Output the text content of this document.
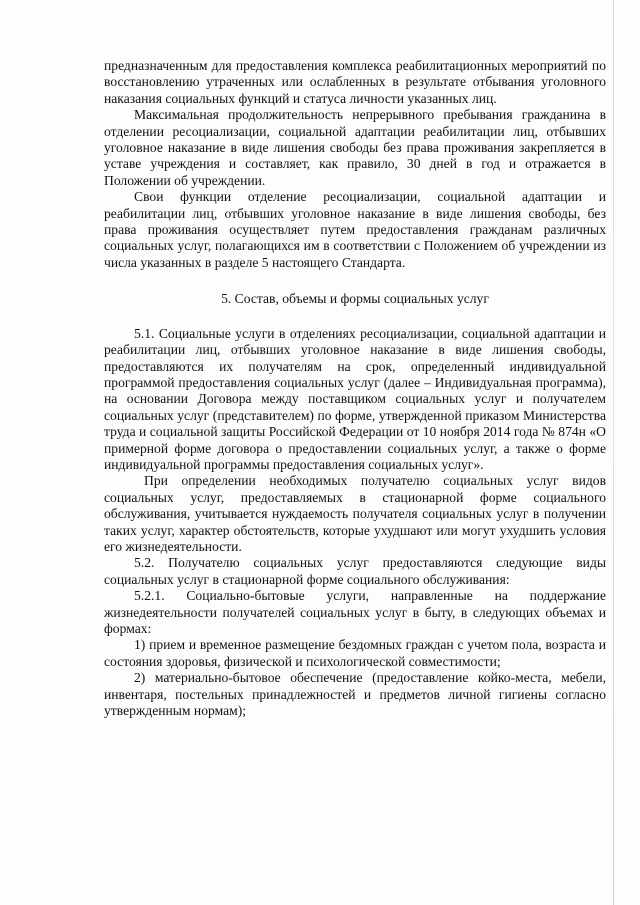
предназначенным для предоставления комплекса реабилитационных мероприятий по восстановлению утраченных или ослабленных в результате отбывания уголовного наказания социальных функций и статуса личности указанных лиц.

Максимальная продолжительность непрерывного пребывания гражданина в отделении ресоциализации, социальной адаптации реабилитации лиц, отбывших уголовное наказание в виде лишения свободы без права проживания закрепляется в уставе учреждения и составляет, как правило, 30 дней в год и отражается в Положении об учреждении.

Свои функции отделение ресоциализации, социальной адаптации и реабилитации лиц, отбывших уголовное наказание в виде лишения свободы, без права проживания осуществляет путем предоставления гражданам различных социальных услуг, полагающихся им в соответствии с Положением об учреждении из числа указанных в разделе 5 настоящего Стандарта.

5. Состав, объемы и формы социальных услуг

5.1. Социальные услуги в отделениях ресоциализации, социальной адаптации и реабилитации лиц, отбывших уголовное наказание в виде лишения свободы, предоставляются их получателям на срок, определенный индивидуальной программой предоставления социальных услуг (далее – Индивидуальная программа), на основании Договора между поставщиком социальных услуг и получателем социальных услуг (представителем) по форме, утвержденной приказом Министерства труда и социальной защиты Российской Федерации от 10 ноября 2014 года № 874н «О примерной форме договора о предоставлении социальных услуг, а также о форме индивидуальной программы предоставления социальных услуг».

При определении необходимых получателю социальных услуг видов социальных услуг, предоставляемых в стационарной форме социального обслуживания, учитывается нуждаемость получателя социальных услуг в получении таких услуг, характер обстоятельств, которые ухудшают или могут ухудшить условия его жизнедеятельности.

5.2. Получателю социальных услуг предоставляются следующие виды социальных услуг в стационарной форме социального обслуживания:

5.2.1. Социально-бытовые услуги, направленные на поддержание жизнедеятельности получателей социальных услуг в быту, в следующих объемах и формах:

1) прием и временное размещение бездомных граждан с учетом пола, возраста и состояния здоровья, физической и психологической совместимости;

2) материально-бытовое обеспечение (предоставление койко-места, мебели, инвентаря, постельных принадлежностей и предметов личной гигиены согласно утвержденным нормам);
